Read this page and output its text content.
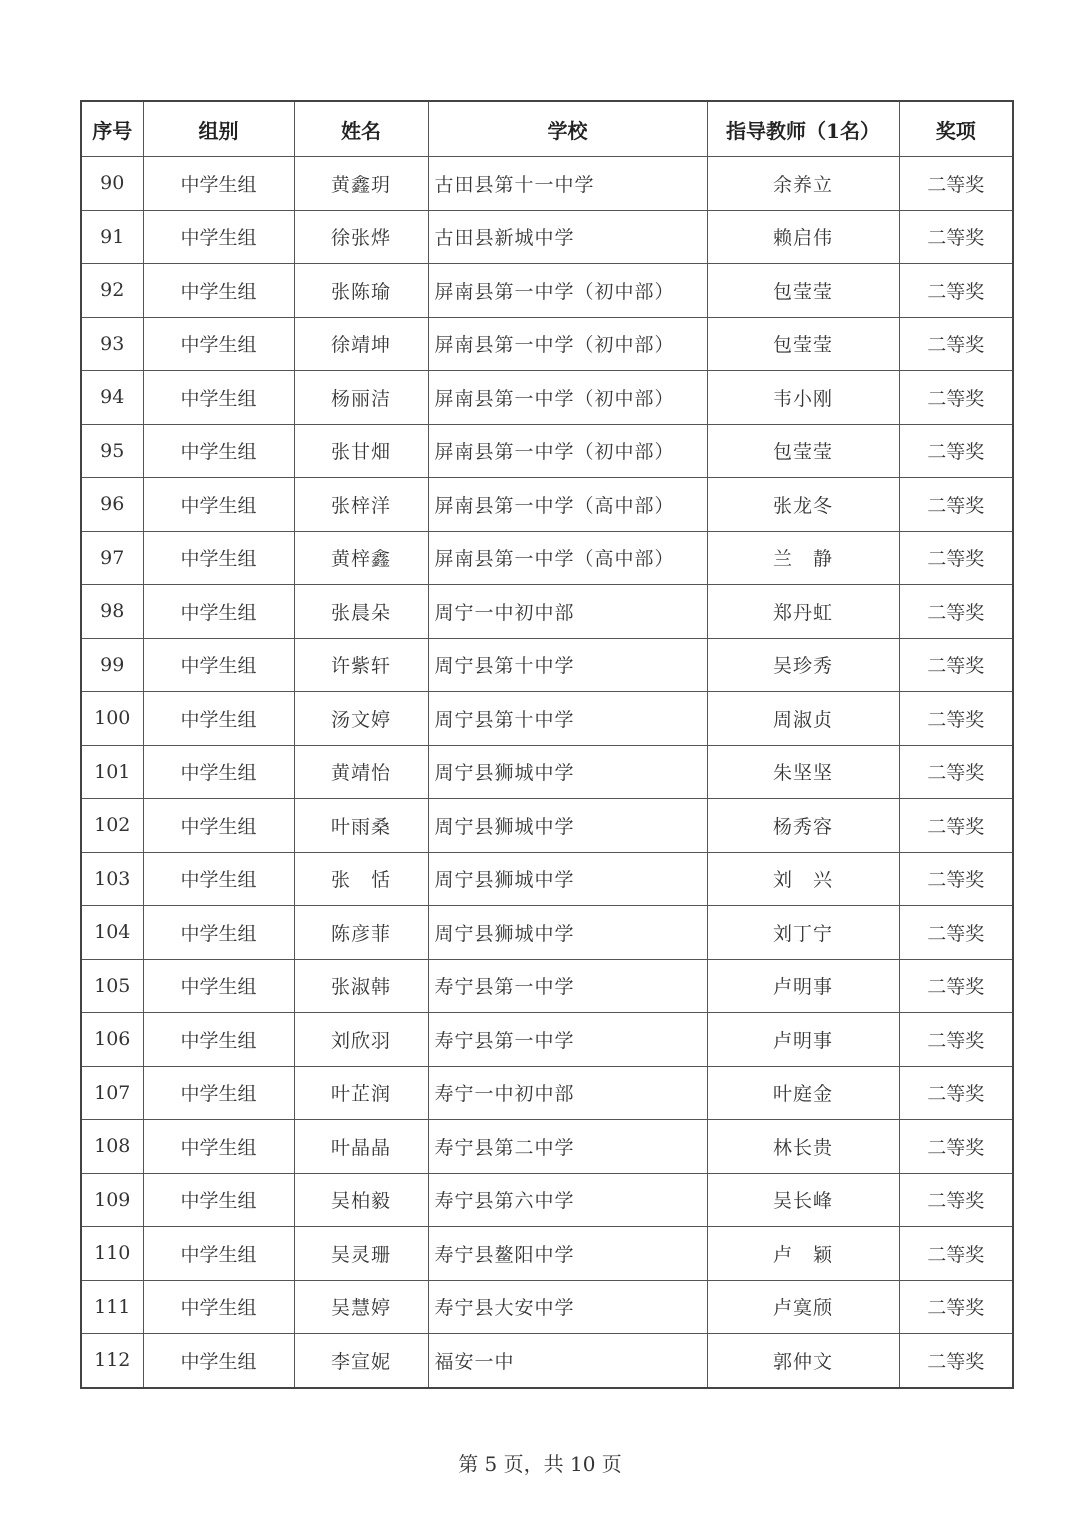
序号	组别	姓名	学校	指导教师（1名）	奖项
90	中学生组	黄鑫玥	古田县第十一中学	余养立	二等奖
91	中学生组	徐张烨	古田县新城中学	赖启伟	二等奖
92	中学生组	张陈瑜	屏南县第一中学（初中部）	包莹莹	二等奖
93	中学生组	徐靖坤	屏南县第一中学（初中部）	包莹莹	二等奖
94	中学生组	杨丽洁	屏南县第一中学（初中部）	韦小刚	二等奖
95	中学生组	张甘畑	屏南县第一中学（初中部）	包莹莹	二等奖
96	中学生组	张梓洋	屏南县第一中学（高中部）	张龙冬	二等奖
97	中学生组	黄梓鑫	屏南县第一中学（高中部）	兰　静	二等奖
98	中学生组	张晨朵	周宁一中初中部	郑丹虹	二等奖
99	中学生组	许紫轩	周宁县第十中学	吴珍秀	二等奖
100	中学生组	汤文婷	周宁县第十中学	周淑贞	二等奖
101	中学生组	黄靖怡	周宁县狮城中学	朱坚坚	二等奖
102	中学生组	叶雨桑	周宁县狮城中学	杨秀容	二等奖
103	中学生组	张　恬	周宁县狮城中学	刘　兴	二等奖
104	中学生组	陈彦菲	周宁县狮城中学	刘丁宁	二等奖
105	中学生组	张淑韩	寿宁县第一中学	卢明事	二等奖
106	中学生组	刘欣羽	寿宁县第一中学	卢明事	二等奖
107	中学生组	叶芷润	寿宁一中初中部	叶庭金	二等奖
108	中学生组	叶晶晶	寿宁县第二中学	林长贵	二等奖
109	中学生组	吴柏毅	寿宁县第六中学	吴长峰	二等奖
110	中学生组	吴灵珊	寿宁县鳌阳中学	卢　颖	二等奖
111	中学生组	吴慧婷	寿宁县大安中学	卢寞颀	二等奖
112	中学生组	李宣妮	福安一中	郭仲文	二等奖
第 5 页，共 10 页
